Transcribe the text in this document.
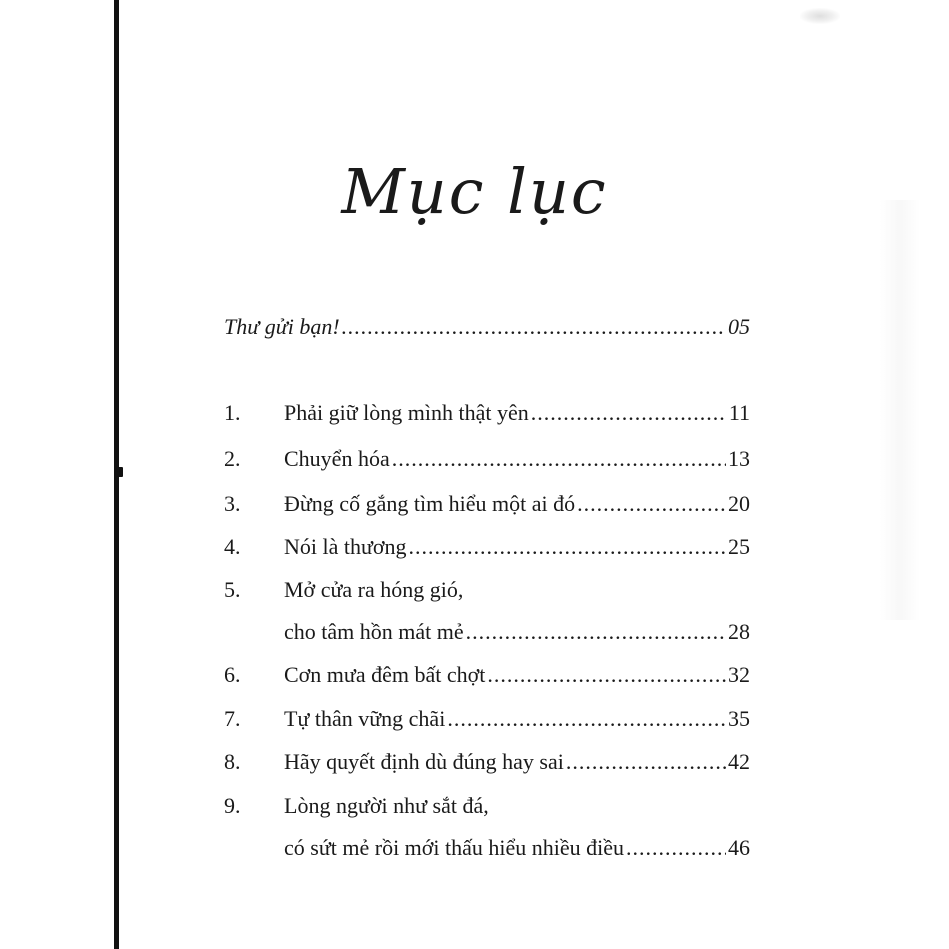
Mục lục
Thư gửi bạn! .....	05
1.	Phải giữ lòng mình thật yên .....	11
2.	Chuyển hóa .....	13
3.	Đừng cố gắng tìm hiểu một ai đó .....	20
4.	Nói là thương .....	25
5.	Mở cửa ra hóng gió,
cho tâm hồn mát mẻ .....	28
6.	Cơn mưa đêm bất chợt .....	32
7.	Tự thân vững chãi .....	35
8.	Hãy quyết định dù đúng hay sai .....	42
9.	Lòng người như sắt đá,
có sứt mẻ rồi mới thấu hiểu nhiều điều .....	46
